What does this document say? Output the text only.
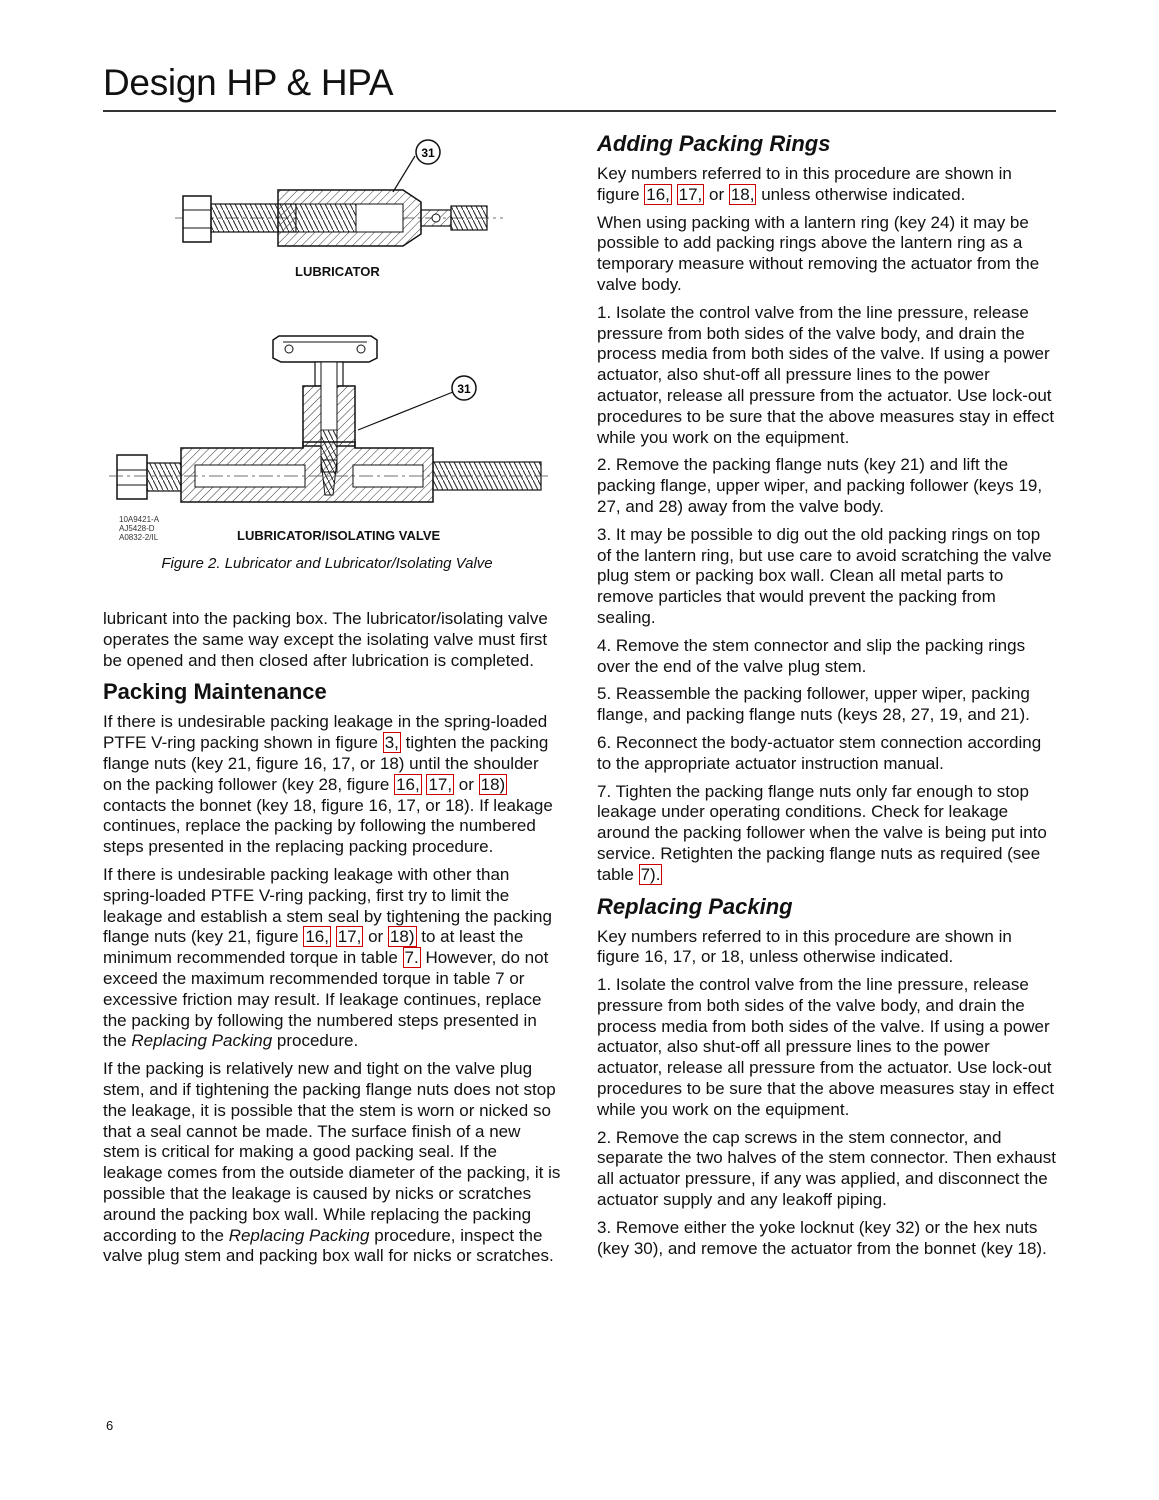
Design HP & HPA
31
31
LUBRICATOR
LUBRICATOR/ISOLATING VALVE
10A9421-A
AJ5428-D
A0832-2/IL
Figure 2. Lubricator and Lubricator/Isolating Valve

lubricant into the packing box. The lubricator/isolating valve operates the same way except the isolating valve must first be opened and then closed after lubrication is completed.

Packing Maintenance

If there is undesirable packing leakage in the spring-loaded PTFE V-ring packing shown in figure 3, tighten the packing flange nuts (key 21, figure 16, 17, or 18) until the shoulder on the packing follower (key 28, figure 16, 17, or 18) contacts the bonnet (key 18, figure 16, 17, or 18). If leakage continues, replace the packing by following the numbered steps presented in the replacing packing procedure.

If there is undesirable packing leakage with other than spring-loaded PTFE V-ring packing, first try to limit the leakage and establish a stem seal by tightening the packing flange nuts (key 21, figure 16, 17, or 18) to at least the minimum recommended torque in table 7. However, do not exceed the maximum recommended torque in table 7 or excessive friction may result. If leakage continues, replace the packing by following the numbered steps presented in the Replacing Packing procedure.

If the packing is relatively new and tight on the valve plug stem, and if tightening the packing flange nuts does not stop the leakage, it is possible that the stem is worn or nicked so that a seal cannot be made. The surface finish of a new stem is critical for making a good packing seal. If the leakage comes from the outside diameter of the packing, it is possible that the leakage is caused by nicks or scratches around the packing box wall. While replacing the packing according to the Replacing Packing procedure, inspect the valve plug stem and packing box wall for nicks or scratches.

Adding Packing Rings

Key numbers referred to in this procedure are shown in figure 16, 17, or 18, unless otherwise indicated.

When using packing with a lantern ring (key 24) it may be possible to add packing rings above the lantern ring as a temporary measure without removing the actuator from the valve body.

1. Isolate the control valve from the line pressure, release pressure from both sides of the valve body, and drain the process media from both sides of the valve. If using a power actuator, also shut-off all pressure lines to the power actuator, release all pressure from the actuator. Use lock-out procedures to be sure that the above measures stay in effect while you work on the equipment.

2. Remove the packing flange nuts (key 21) and lift the packing flange, upper wiper, and packing follower (keys 19, 27, and 28) away from the valve body.

3. It may be possible to dig out the old packing rings on top of the lantern ring, but use care to avoid scratching the valve plug stem or packing box wall. Clean all metal parts to remove particles that would prevent the packing from sealing.

4. Remove the stem connector and slip the packing rings over the end of the valve plug stem.

5. Reassemble the packing follower, upper wiper, packing flange, and packing flange nuts (keys 28, 27, 19, and 21).

6. Reconnect the body-actuator stem connection according to the appropriate actuator instruction manual.

7. Tighten the packing flange nuts only far enough to stop leakage under operating conditions. Check for leakage around the packing follower when the valve is being put into service. Retighten the packing flange nuts as required (see table 7).

Replacing Packing

Key numbers referred to in this procedure are shown in figure 16, 17, or 18, unless otherwise indicated.

1. Isolate the control valve from the line pressure, release pressure from both sides of the valve body, and drain the process media from both sides of the valve. If using a power actuator, also shut-off all pressure lines to the power actuator, release all pressure from the actuator. Use lock-out procedures to be sure that the above measures stay in effect while you work on the equipment.

2. Remove the cap screws in the stem connector, and separate the two halves of the stem connector. Then exhaust all actuator pressure, if any was applied, and disconnect the actuator supply and any leakoff piping.

3. Remove either the yoke locknut (key 32) or the hex nuts (key 30), and remove the actuator from the bonnet (key 18).

6
